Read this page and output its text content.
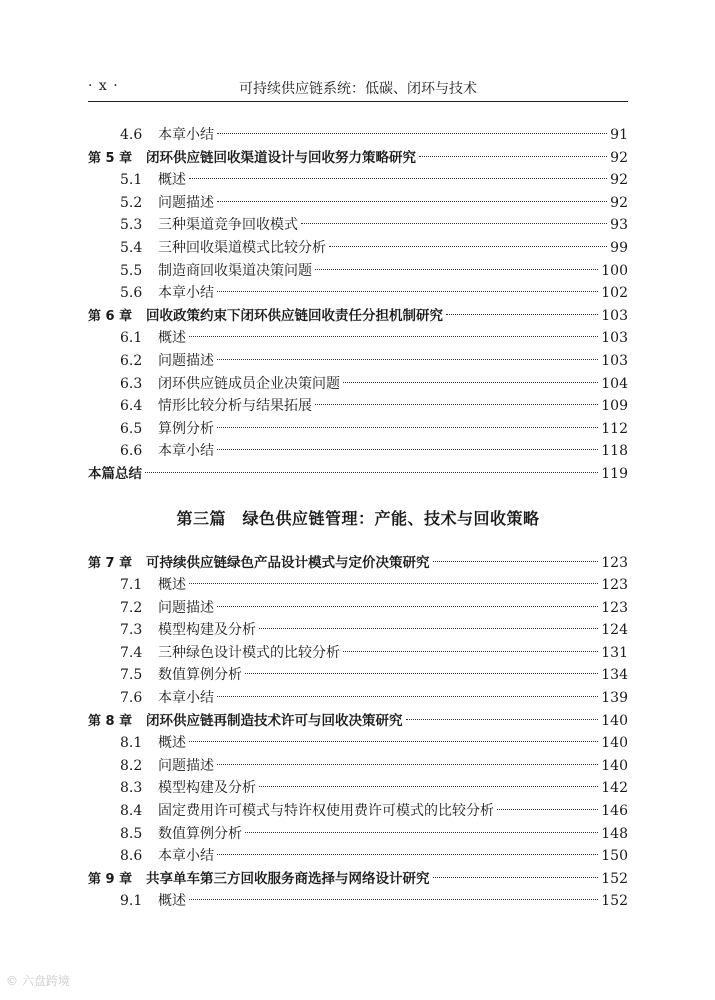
· x ·	可持续供应链系统：低碳、闭环与技术
4.6	本章小结	91
第 5 章	闭环供应链回收渠道设计与回收努力策略研究	92
5.1	概述	92
5.2	问题描述	92
5.3	三种渠道竞争回收模式	93
5.4	三种回收渠道模式比较分析	99
5.5	制造商回收渠道决策问题	100
5.6	本章小结	102
第 6 章	回收政策约束下闭环供应链回收责任分担机制研究	103
6.1	概述	103
6.2	问题描述	103
6.3	闭环供应链成员企业决策问题	104
6.4	情形比较分析与结果拓展	109
6.5	算例分析	112
6.6	本章小结	118
本篇总结	119
第三篇　绿色供应链管理：产能、技术与回收策略
第 7 章	可持续供应链绿色产品设计模式与定价决策研究	123
7.1	概述	123
7.2	问题描述	123
7.3	模型构建及分析	124
7.4	三种绿色设计模式的比较分析	131
7.5	数值算例分析	134
7.6	本章小结	139
第 8 章	闭环供应链再制造技术许可与回收决策研究	140
8.1	概述	140
8.2	问题描述	140
8.3	模型构建及分析	142
8.4	固定费用许可模式与特许权使用费许可模式的比较分析	146
8.5	数值算例分析	148
8.6	本章小结	150
第 9 章	共享单车第三方回收服务商选择与网络设计研究	152
9.1	概述	152
© 六盘跨境
